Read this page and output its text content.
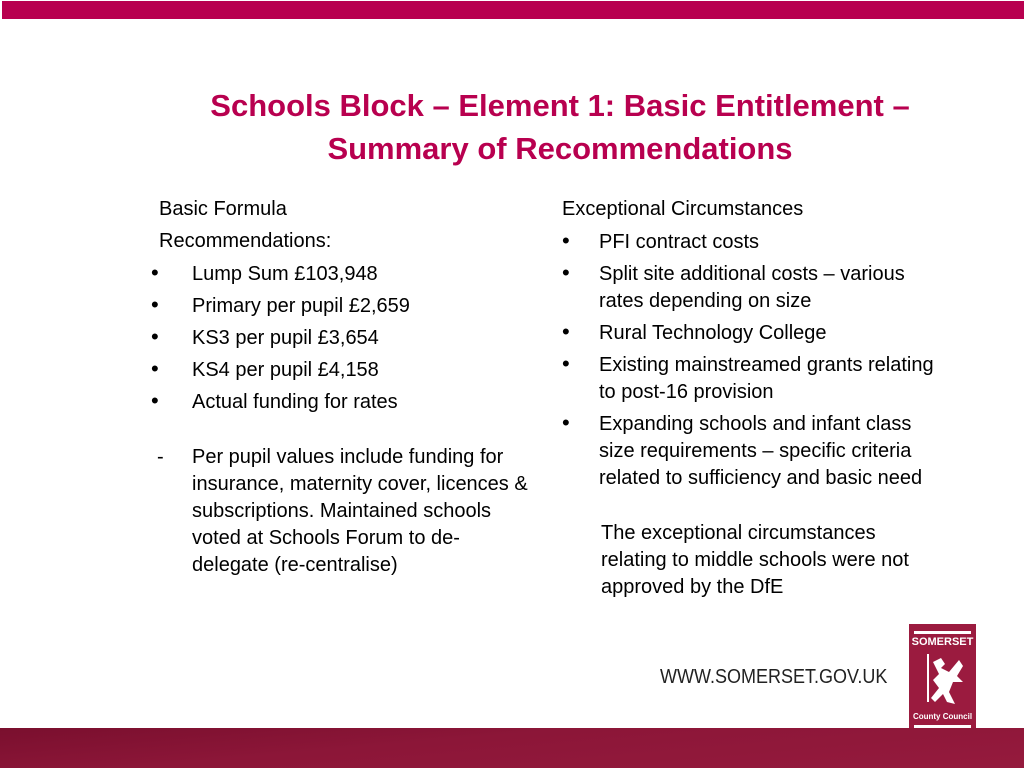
Schools Block – Element 1: Basic Entitlement – Summary of Recommendations
Basic Formula
Recommendations:
• Lump Sum £103,948
• Primary per pupil £2,659
• KS3 per pupil £3,654
• KS4 per pupil £4,158
• Actual funding for rates
- Per pupil values include funding for insurance, maternity cover, licences & subscriptions. Maintained schools voted at Schools Forum to de-delegate (re-centralise)
Exceptional Circumstances
• PFI contract costs
• Split site additional costs – various rates depending on size
• Rural Technology College
• Existing mainstreamed grants relating to post-16 provision
• Expanding schools and infant class size requirements – specific criteria related to sufficiency and basic need
The exceptional circumstances relating to middle schools were not approved by the DfE
WWW.SOMERSET.GOV.UK
SOMERSET
County Council
